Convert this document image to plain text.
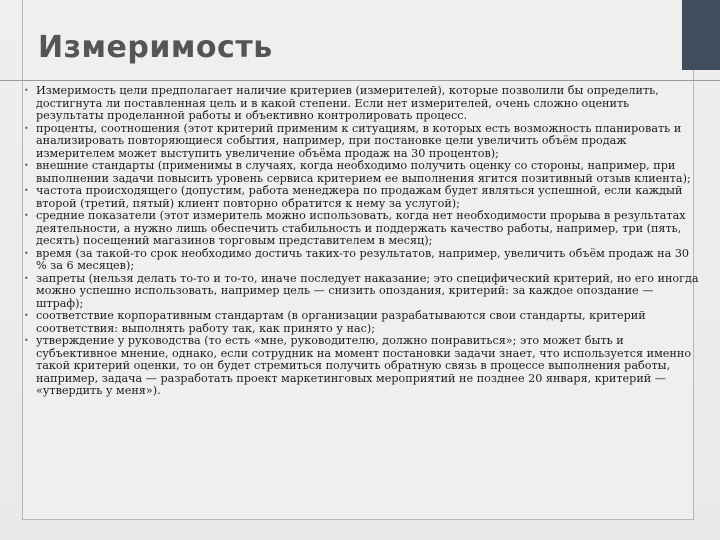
Измеримость
• Измеримость цели предполагает наличие критериев (измерителей), которые позволили бы определить, достигнута ли поставленная цель и в какой степени. Если нет измерителей, очень сложно оценить результаты проделанной работы и объективно контролировать процесс.
• проценты, соотношения (этот критерий применим к ситуациям, в которых есть возможность планировать и анализировать повторяющиеся события, например, при постановке цели увеличить объём продаж измерителем может выступить увеличение объёма продаж на 30 процентов);
• внешние стандарты (применимы в случаях, когда необходимо получить оценку со стороны, например, при выполнении задачи повысить уровень сервиса критерием ее выполнения ягится позитивный отзыв клиента);
• частота происходящего (допустим, работа менеджера по продажам будет являться успешной, если каждый второй (третий, пятый) клиент повторно обратится к нему за услугой);
• средние показатели (этот измеритель можно использовать, когда нет необходимости прорыва в результатах деятельности, а нужно лишь обеспечить стабильность и поддержать качество работы, например, три (пять, десять) посещений магазинов торговым представителем в месяц);
• время (за такой-то срок необходимо достичь таких-то результатов, например, увеличить объём продаж на 30 % за 6 месяцев);
• запреты (нельзя делать то-то и то-то, иначе последует наказание; это специфический критерий, но его иногда можно успешно использовать, например цель — снизить опоздания, критерий: за каждое опоздание — штраф);
• соответствие корпоративным стандартам (в организации разрабатываются свои стандарты, критерий соответствия: выполнять работу так, как принято у нас);
• утверждение у руководства (то есть «мне, руководителю, должно понравиться»; это может быть и субъективное мнение, однако, если сотрудник на момент постановки задачи знает, что используется именно такой критерий оценки, то он будет стремиться получить обратную связь в процессе выполнения работы, например, задача — разработать проект маркетинговых мероприятий не позднее 20 января, критерий — «утвердить у меня»).
